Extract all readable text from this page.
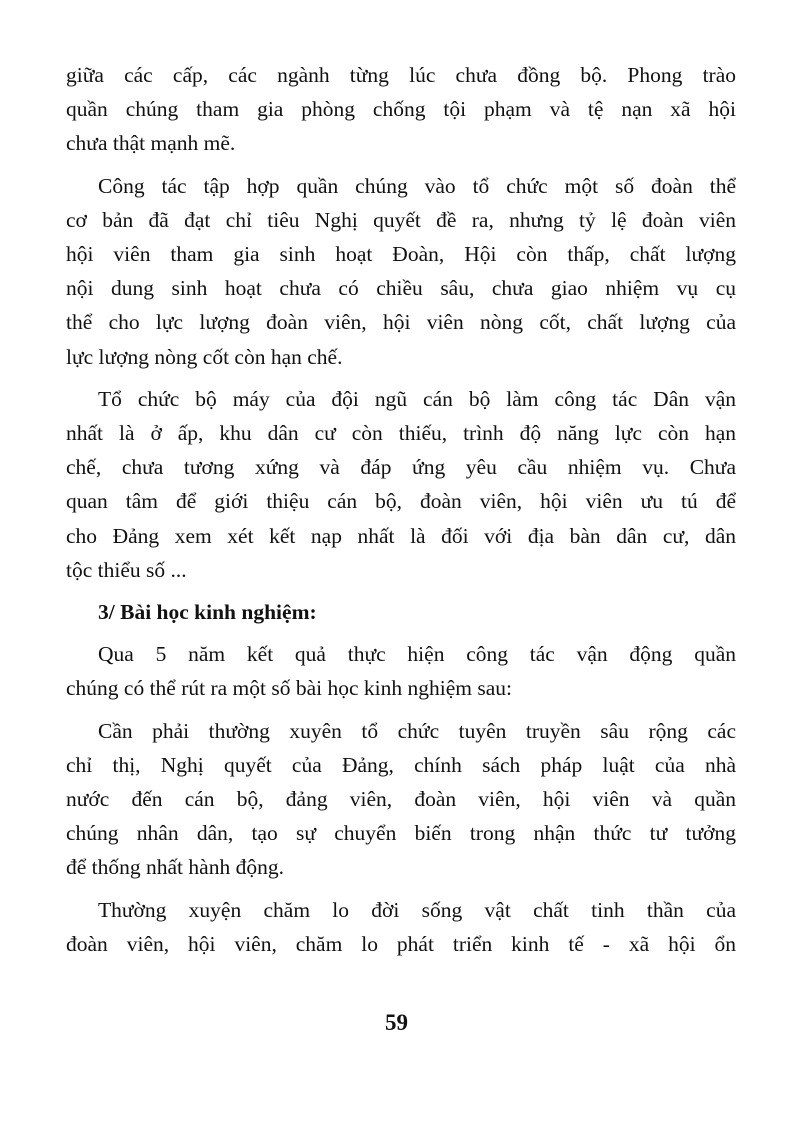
giữa các cấp, các ngành từng lúc chưa đồng bộ. Phong trào
quần chúng tham gia phòng chống tội phạm và tệ nạn xã hội
chưa thật mạnh mẽ.
Công tác tập hợp quần chúng vào tổ chức một số đoàn thể
cơ bản đã đạt chỉ tiêu Nghị quyết đề ra, nhưng tỷ lệ đoàn viên
hội viên tham gia sinh hoạt Đoàn, Hội còn thấp, chất lượng
nội dung sinh hoạt chưa có chiều sâu, chưa giao nhiệm vụ cụ
thể cho lực lượng đoàn viên, hội viên nòng cốt, chất lượng của
lực lượng nòng cốt còn hạn chế.
Tổ chức bộ máy của đội ngũ cán bộ làm công tác Dân vận
nhất là ở ấp, khu dân cư còn thiếu, trình độ năng lực còn hạn
chế, chưa tương xứng và đáp ứng yêu cầu nhiệm vụ. Chưa
quan tâm để giới thiệu cán bộ, đoàn viên, hội viên ưu tú để
cho Đảng xem xét kết nạp nhất là đối với địa bàn dân cư, dân
tộc thiểu số ...
3/ Bài học kinh nghiệm:
Qua 5 năm kết quả thực hiện công tác vận động quần
chúng có thể rút ra một số bài học kinh nghiệm sau:
Cần phải thường xuyên tổ chức tuyên truyền sâu rộng các
chỉ thị, Nghị quyết của Đảng, chính sách pháp luật của nhà
nước đến cán bộ, đảng viên, đoàn viên, hội viên và quần
chúng nhân dân, tạo sự chuyển biến trong nhận thức tư tưởng
để thống nhất hành động.
Thường xuyện chăm lo đời sống vật chất tinh thần của
đoàn viên, hội viên, chăm lo phát triển kinh tế - xã hội ổn
59
